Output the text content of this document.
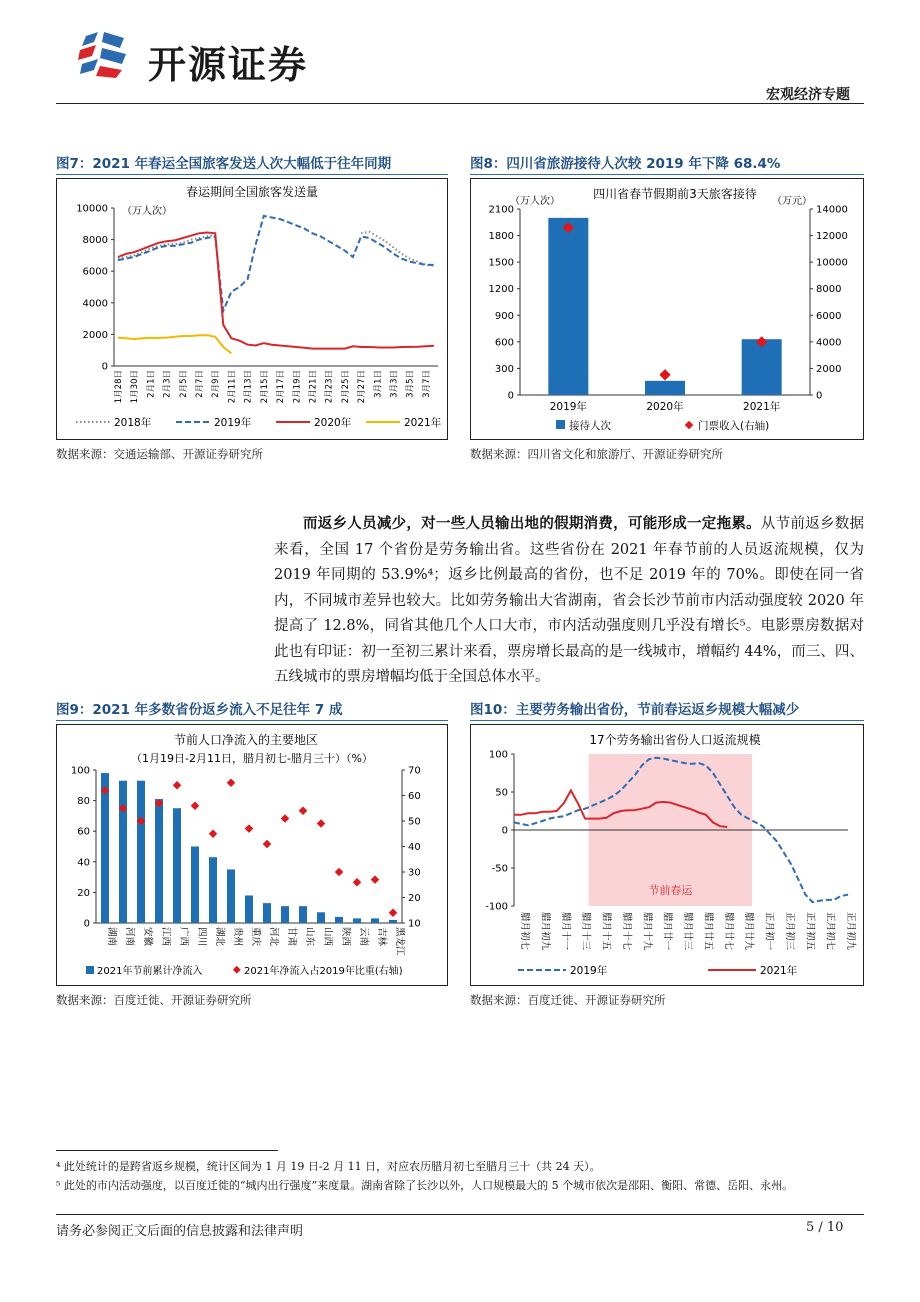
开源证券
宏观经济专题
图7：2021 年春运全国旅客发送人次大幅低于往年同期
春运期间全国旅客发送量
（万人次）
0
2000
4000
6000
8000
10000
1月28日 1月30日 2月1日 2月3日 2月5日 2月7日 2月9日 2月11日 2月13日 2月15日 2月17日 2月19日 2月21日 2月23日 2月25日 2月27日 3月1日 3月3日 3月5日 3月7日
2018年	2019年	2020年	2021年
数据来源：交通运输部、开源证券研究所
图8：四川省旅游接待人次较 2019 年下降 68.4%
四川省春节假期前3天旅客接待
（万人次）	（万元）
0
300
600
900
1200
1500
1800
2100
0
2000
4000
6000
8000
10000
12000
14000
2019年	2020年	2021年
接待人次	门票收入(右轴)
数据来源：四川省文化和旅游厅、开源证券研究所
而返乡人员减少，对一些人员输出地的假期消费，可能形成一定拖累。从节前返乡数据来看，全国 17 个省份是劳务输出省。这些省份在 2021 年春节前的人员返流规模，仅为 2019 年同期的 53.9%⁴；返乡比例最高的省份，也不足 2019 年的 70%。即使在同一省内，不同城市差异也较大。比如劳务输出大省湖南，省会长沙节前市内活动强度较 2020 年提高了 12.8%，同省其他几个人口大市，市内活动强度则几乎没有增长⁵。电影票房数据对此也有印证：初一至初三累计来看，票房增长最高的是一线城市，增幅约 44%，而三、四、五线城市的票房增幅均低于全国总体水平。
图9：2021 年多数省份返乡流入不足往年 7 成
节前人口净流入的主要地区
（1月19日-2月11日，腊月初七-腊月三十）（%）
0
20
40
60
80
100
10
20
30
40
50
60
70
湖南 河南 安徽 江西 广西 四川 湖北 贵州 重庆 河北 甘肃 山东 山西 陕西 云南 吉林 黑龙江
2021年节前累计净流入	2021年净流入占2019年比重(右轴)
数据来源：百度迁徙、开源证券研究所
图10：主要劳务输出省份，节前春运返乡规模大幅减少
17个劳务输出省份人口返流规模
节前春运
-100
-50
0
50
100
腊月初七 腊月初九 腊月十一 腊月十三 腊月十五 腊月十七 腊月十九 腊月廿一 腊月廿三 腊月廿五 腊月廿七 腊月廿九 正月初一 正月初三 正月初五 正月初七 正月初九
2019年	2021年
数据来源：百度迁徙、开源证券研究所
⁴ 此处统计的是跨省返乡规模，统计区间为 1 月 19 日-2 月 11 日，对应农历腊月初七至腊月三十（共 24 天）。
⁵ 此处的市内活动强度，以百度迁徙的“城内出行强度”来度量。湖南省除了长沙以外，人口规模最大的 5 个城市依次是邵阳、衡阳、常德、岳阳、永州。
请务必参阅正文后面的信息披露和法律声明	5 / 10
